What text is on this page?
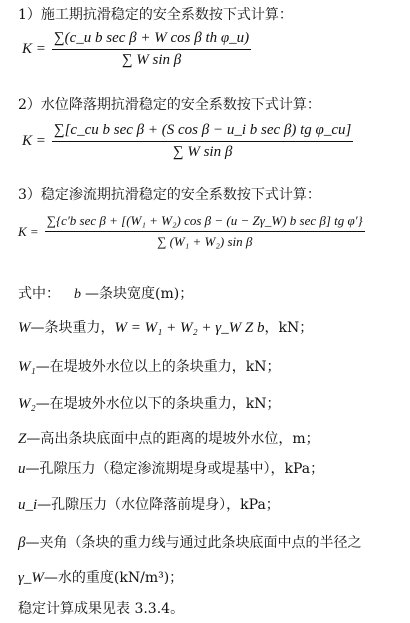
1）施工期抗滑稳定的安全系数按下式计算：
$K = \frac{\text{∑(c\_u b sec β + W cos β th φ\_u)}}{\text{∑ W sin β}}$
2）水位降落期抗滑稳定的安全系数按下式计算：
$K = \frac{\text{∑[c\_cu b sec β + (S cos β − u\_i b sec β) tg φ\_cu]}}{\text{∑ W sin β}}$
3）稳定渗流期抗滑稳定的安全系数按下式计算：
$K = \frac{\text{∑\{c′b sec β + [(W₁ + W₂) cos β − (u − Zγ\_W) b sec β] tg φ′\}}}{\text{∑ (W₁ + W₂) sin β}}$
式中： b —条块宽度(m)；
W—条块重力，W = W₁ + W₂ + γ_W Z b，kN；
W₁—在堤坡外水位以上的条块重力，kN；
W₂—在堤坡外水位以下的条块重力，kN；
Z—高出条块底面中点的距离的堤坡外水位，m；
u—孔隙压力（稳定渗流期堤身或堤基中），kPa；
u_i—孔隙压力（水位降落前堤身），kPa；
β—夹角（条块的重力线与通过此条块底面中点的半径之
γ_W—水的重度(kN/m³)；
稳定计算成果见表 3.3.4。
